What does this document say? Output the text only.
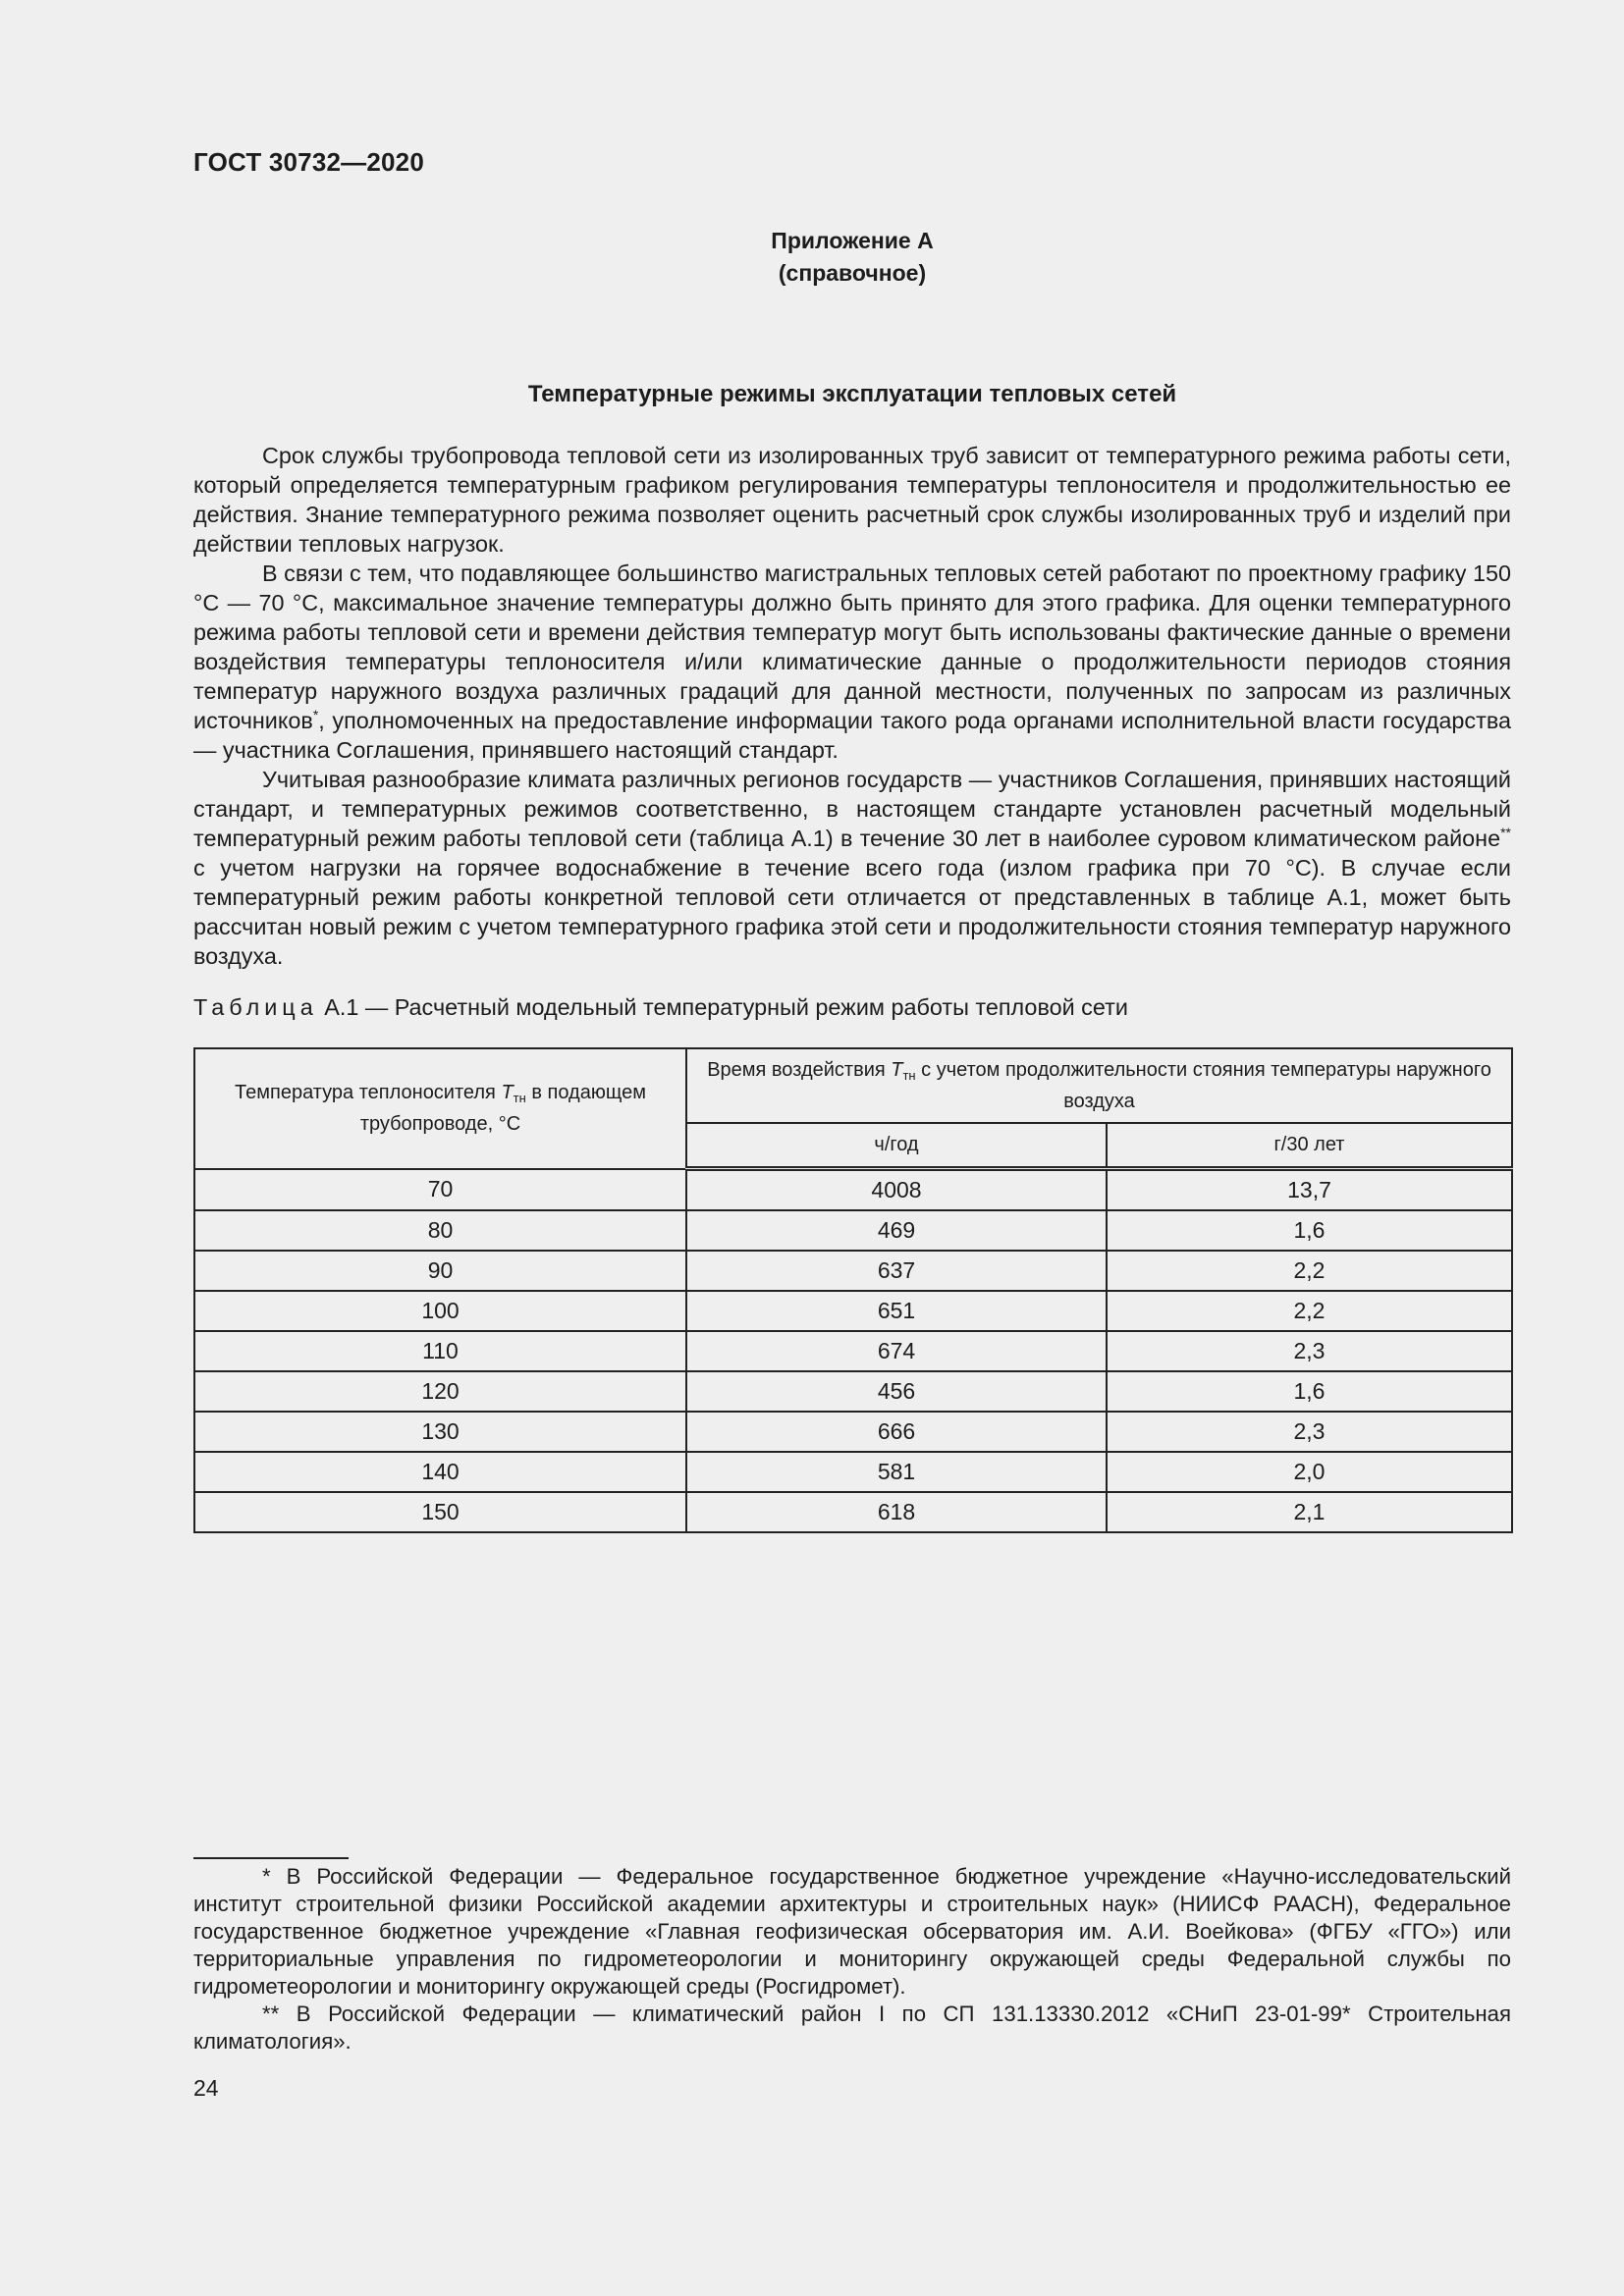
ГОСТ 30732—2020
Приложение А
(справочное)
Температурные режимы эксплуатации тепловых сетей

Срок службы трубопровода тепловой сети из изолированных труб зависит от температурного режима работы сети, который определяется температурным графиком регулирования температуры теплоносителя и продолжительностью ее действия. Знание температурного режима позволяет оценить расчетный срок службы изолированных труб и изделий при действии тепловых нагрузок.

В связи с тем, что подавляющее большинство магистральных тепловых сетей работают по проектному графику 150 °С — 70 °С, максимальное значение температуры должно быть принято для этого графика. Для оценки температурного режима работы тепловой сети и времени действия температур могут быть использованы фактические данные о времени воздействия температуры теплоносителя и/или климатические данные о продолжительности периодов стояния температур наружного воздуха различных градаций для данной местности, полученных по запросам из различных источников*, уполномоченных на предоставление информации такого рода органами исполнительной власти государства — участника Соглашения, принявшего настоящий стандарт.

Учитывая разнообразие климата различных регионов государств — участников Соглашения, принявших настоящий стандарт, и температурных режимов соответственно, в настоящем стандарте установлен расчетный модельный температурный режим работы тепловой сети (таблица А.1) в течение 30 лет в наиболее суровом климатическом районе** с учетом нагрузки на горячее водоснабжение в течение всего года (излом графика при 70 °С). В случае если температурный режим работы конкретной тепловой сети отличается от представленных в таблице А.1, может быть рассчитан новый режим с учетом температурного графика этой сети и продолжительности стояния температур наружного воздуха.

Таблица А.1 — Расчетный модельный температурный режим работы тепловой сети
Температура теплоносителя $T_{тн}$ в подающем трубопроводе, °С	Время воздействия $T_{тн}$ с учетом продолжительности стояния температуры наружного воздуха	
	ч/год	г/30 лет
70	4008	13,7
80	469	1,6
90	637	2,2
100	651	2,2
110	674	2,3
120	456	1,6
130	666	2,3
140	581	2,0
150	618	2,1

* В Российской Федерации — Федеральное государственное бюджетное учреждение «Научно-исследовательский институт строительной физики Российской академии архитектуры и строительных наук» (НИИСФ РААСН), Федеральное государственное бюджетное учреждение «Главная геофизическая обсерватория им. А.И. Воейкова» (ФГБУ «ГГО») или территориальные управления по гидрометеорологии и мониторингу окружающей среды Федеральной службы по гидрометеорологии и мониторингу окружающей среды (Росгидромет).

** В Российской Федерации — климатический район I по СП 131.13330.2012 «СНиП 23-01-99* Строительная климатология».

24
